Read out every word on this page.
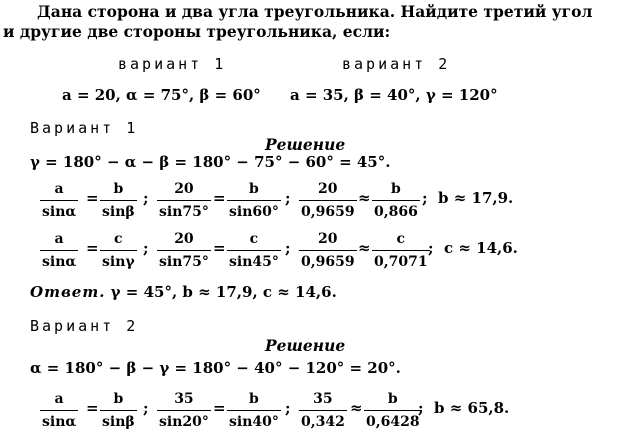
Дана сторона и два угла треугольника. Найдите третий угол
и другие две стороны треугольника, если:
вариант 1	вариант 2
a = 20, α = 75°, β = 60° a = 35, β = 40°, γ = 120°
Вариант 1
Решение
γ = 180° − α − β = 180° − 75° − 60° = 45°.
a
sinα
= b
sinβ
; 20
sin75°
= b
sin60°
; 20
0,9659
≈ b
0,866
; b ≈ 17,9.
a
sinα
= c
sinγ
; 20
sin75°
= c
sin45°
; 20
0,9659
≈ c
0,7071
; c ≈ 14,6.
Ответ. γ = 45°, b ≈ 17,9, c ≈ 14,6.
Вариант 2
Решение
α = 180° − β − γ = 180° − 40° − 120° = 20°.
a
sinα
= b
sinβ
; 35
sin20°
= b
sin40°
; 35
0,342
≈ b
0,6428
; b ≈ 65,8.
